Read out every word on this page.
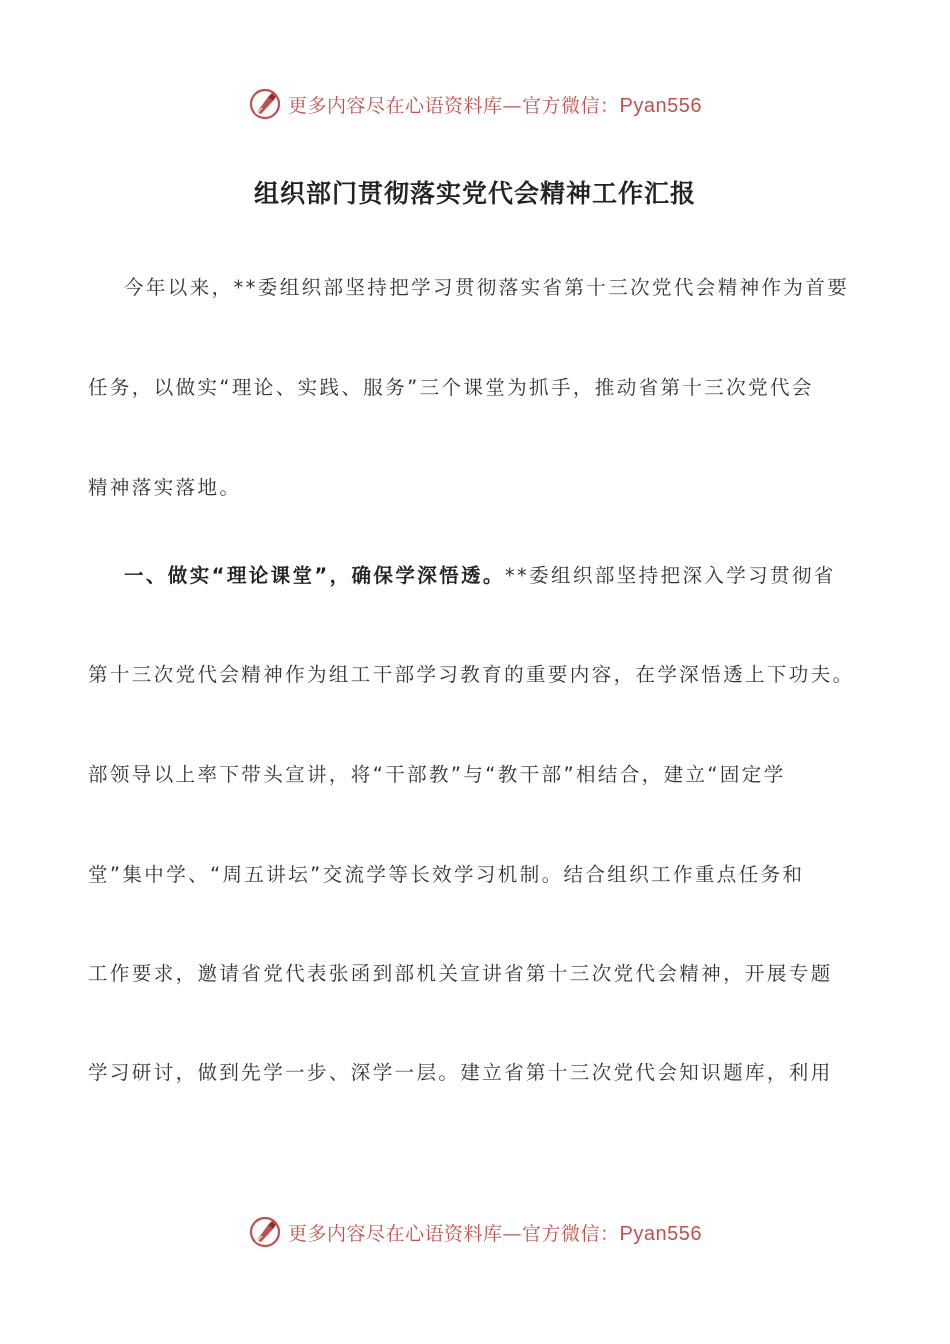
更多内容尽在心语资料库—官方微信：Pyan556
组织部门贯彻落实党代会精神工作汇报
今年以来，**委组织部坚持把学习贯彻落实省第十三次党代会精神作为首要
任务，以做实“理论、实践、服务”三个课堂为抓手，推动省第十三次党代会
精神落实落地。
一、做实“理论课堂”，确保学深悟透。**委组织部坚持把深入学习贯彻省
第十三次党代会精神作为组工干部学习教育的重要内容，在学深悟透上下功夫。
部领导以上率下带头宣讲，将“干部教”与“教干部”相结合，建立“固定学
堂”集中学、“周五讲坛”交流学等长效学习机制。结合组织工作重点任务和
工作要求，邀请省党代表张函到部机关宣讲省第十三次党代会精神，开展专题
学习研讨，做到先学一步、深学一层。建立省第十三次党代会知识题库，利用
更多内容尽在心语资料库—官方微信：Pyan556
